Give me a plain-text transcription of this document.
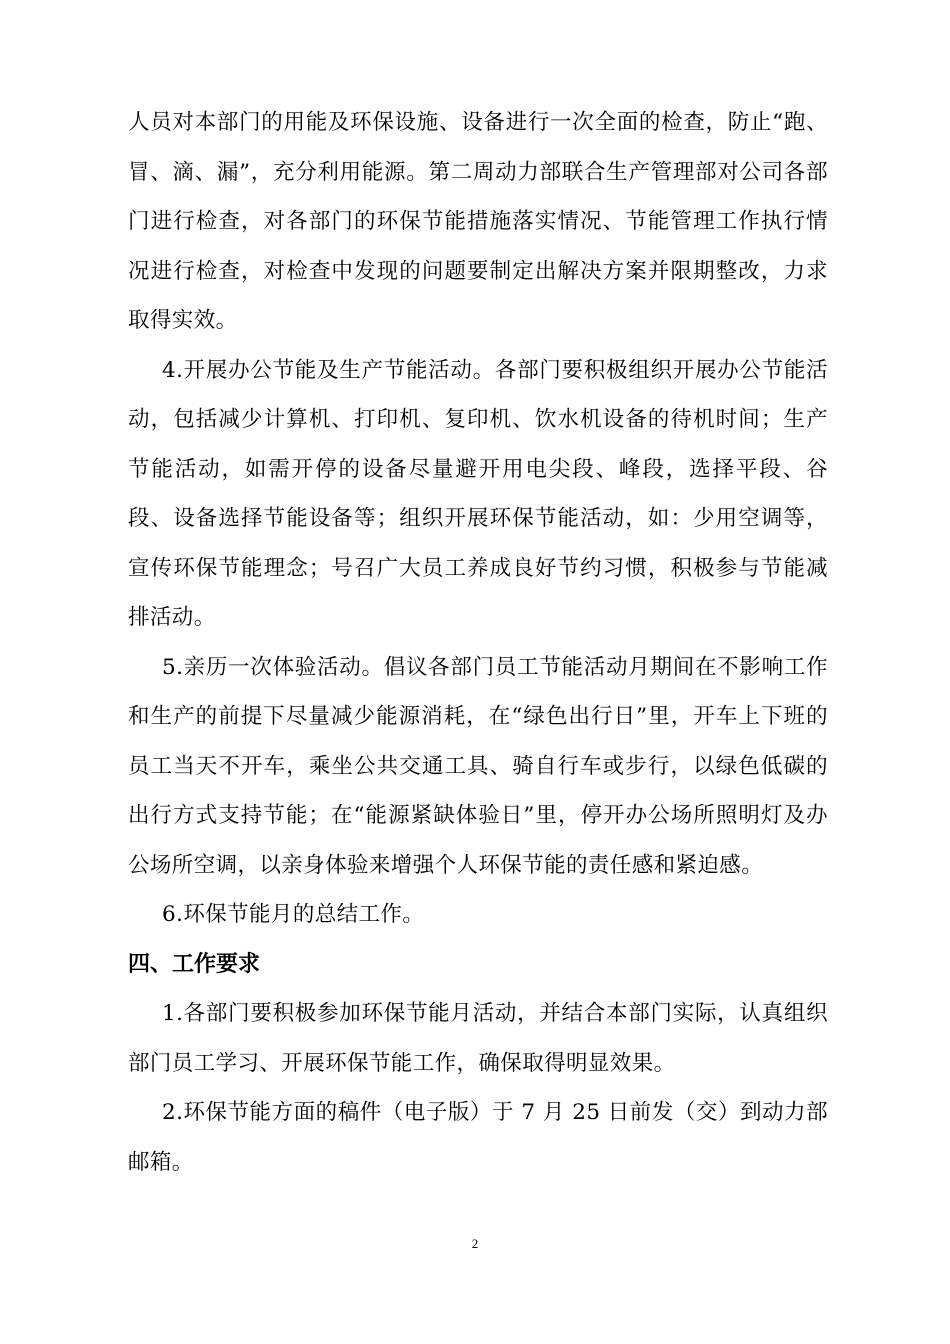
人员对本部门的用能及环保设施、设备进行一次全面的检查，防止“跑、冒、滴、漏”，充分利用能源。第二周动力部联合生产管理部对公司各部门进行检查，对各部门的环保节能措施落实情况、节能管理工作执行情况进行检查，对检查中发现的问题要制定出解决方案并限期整改，力求取得实效。

4.开展办公节能及生产节能活动。各部门要积极组织开展办公节能活动，包括减少计算机、打印机、复印机、饮水机设备的待机时间；生产节能活动，如需开停的设备尽量避开用电尖段、峰段，选择平段、谷段、设备选择节能设备等；组织开展环保节能活动，如：少用空调等，宣传环保节能理念；号召广大员工养成良好节约习惯，积极参与节能减排活动。

5.亲历一次体验活动。倡议各部门员工节能活动月期间在不影响工作和生产的前提下尽量减少能源消耗，在“绿色出行日”里，开车上下班的员工当天不开车，乘坐公共交通工具、骑自行车或步行，以绿色低碳的出行方式支持节能；在“能源紧缺体验日”里，停开办公场所照明灯及办公场所空调，以亲身体验来增强个人环保节能的责任感和紧迫感。

6.环保节能月的总结工作。

四、工作要求

1.各部门要积极参加环保节能月活动，并结合本部门实际，认真组织部门员工学习、开展环保节能工作，确保取得明显效果。

2.环保节能方面的稿件（电子版）于 7 月 25 日前发（交）到动力部邮箱。

2
